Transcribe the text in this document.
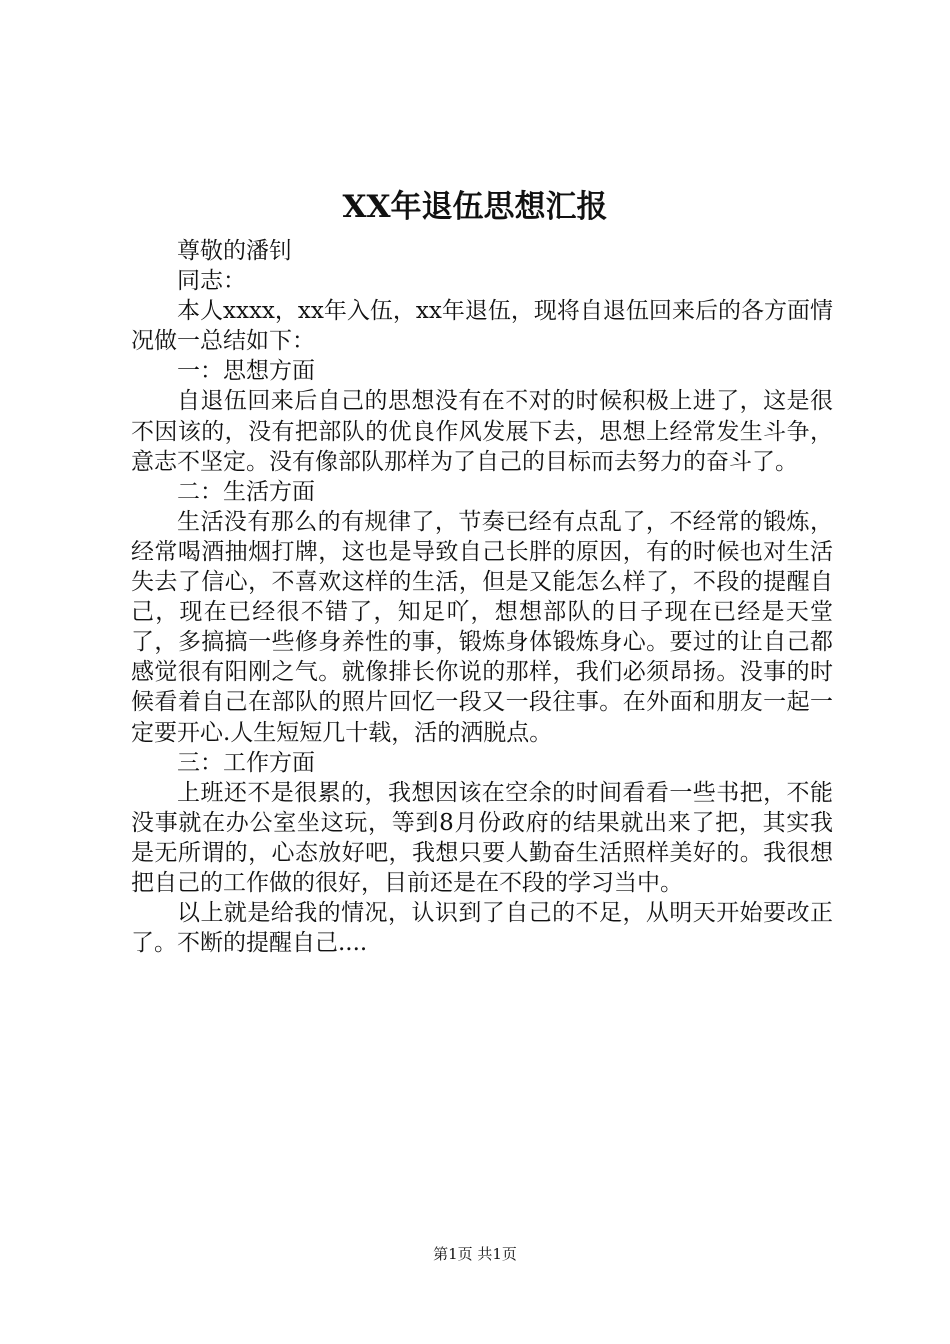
XX年退伍思想汇报

尊敬的潘钊

同志：

本人xxxx，xx年入伍，xx年退伍，现将自退伍回来后的各方面情况做一总结如下：

一：思想方面

自退伍回来后自己的思想没有在不对的时候积极上进了，这是很不因该的，没有把部队的优良作风发展下去，思想上经常发生斗争，意志不坚定。没有像部队那样为了自己的目标而去努力的奋斗了。

二：生活方面

生活没有那么的有规律了，节奏已经有点乱了，不经常的锻炼，经常喝酒抽烟打牌，这也是导致自己长胖的原因，有的时候也对生活失去了信心，不喜欢这样的生活，但是又能怎么样了，不段的提醒自己，现在已经很不错了，知足吖，想想部队的日子现在已经是天堂了，多搞搞一些修身养性的事，锻炼身体锻炼身心。要过的让自己都感觉很有阳刚之气。就像排长你说的那样，我们必须昂扬。没事的时候看着自己在部队的照片回忆一段又一段往事。在外面和朋友一起一定要开心.人生短短几十载，活的洒脱点。

三：工作方面

上班还不是很累的，我想因该在空余的时间看看一些书把，不能没事就在办公室坐这玩，等到8月份政府的结果就出来了把，其实我是无所谓的，心态放好吧，我想只要人勤奋生活照样美好的。我很想把自己的工作做的很好，目前还是在不段的学习当中。

以上就是给我的情况，认识到了自己的不足，从明天开始要改正了。不断的提醒自己....

第1页 共1页
